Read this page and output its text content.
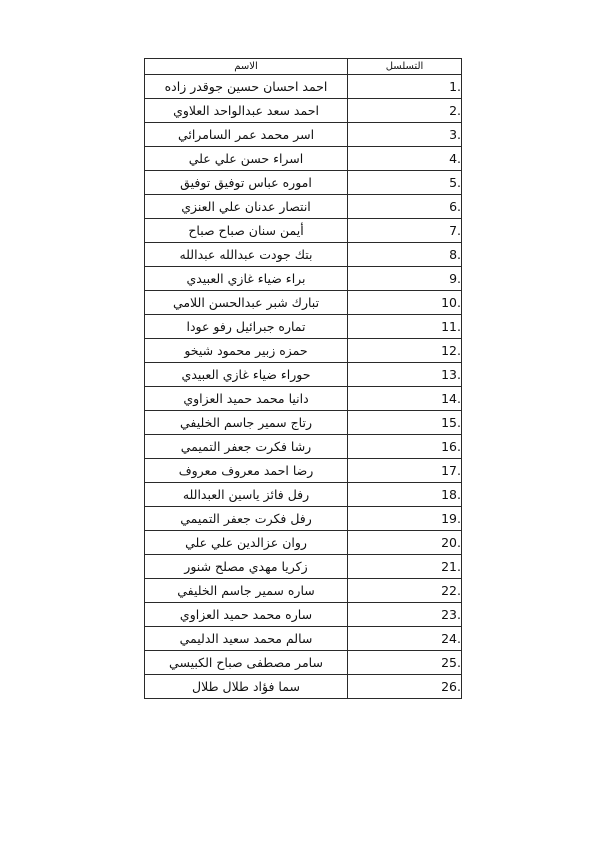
التسلسل	الاسم
.1	احمد احسان حسين جوقدر زاده
.2	احمد سعد عبدالواحد العلاوي
.3	اسر محمد عمر السامرائي
.4	اسراء حسن علي علي
.5	اموره عباس توفيق توفيق
.6	انتصار عدنان علي العنزي
.7	أيمن سنان صباح صباح
.8	بتك جودت عبدالله عبدالله
.9	براء ضياء غازي العبيدي
.10	تبارك شبر عبدالحسن اللامي
.11	تماره جبرائيل رفو عودا
.12	حمزه زبير محمود شيخو
.13	حوراء ضياء غازي العبيدي
.14	دانيا محمد حميد العزاوي
.15	رتاج سمير جاسم الخليفي
.16	رشا فكرت جعفر التميمي
.17	رضا احمد معروف معروف
.18	رفل فائز ياسين العبدالله
.19	رفل فكرت جعفر التميمي
.20	روان عزالدين علي علي
.21	زكريا مهدي مصلح شنور
.22	ساره سمير جاسم الخليفي
.23	ساره محمد حميد العزاوي
.24	سالم محمد سعيد الدليمي
.25	سامر مصطفى صباح الكبيسي
.26	سما فؤاد طلال طلال
